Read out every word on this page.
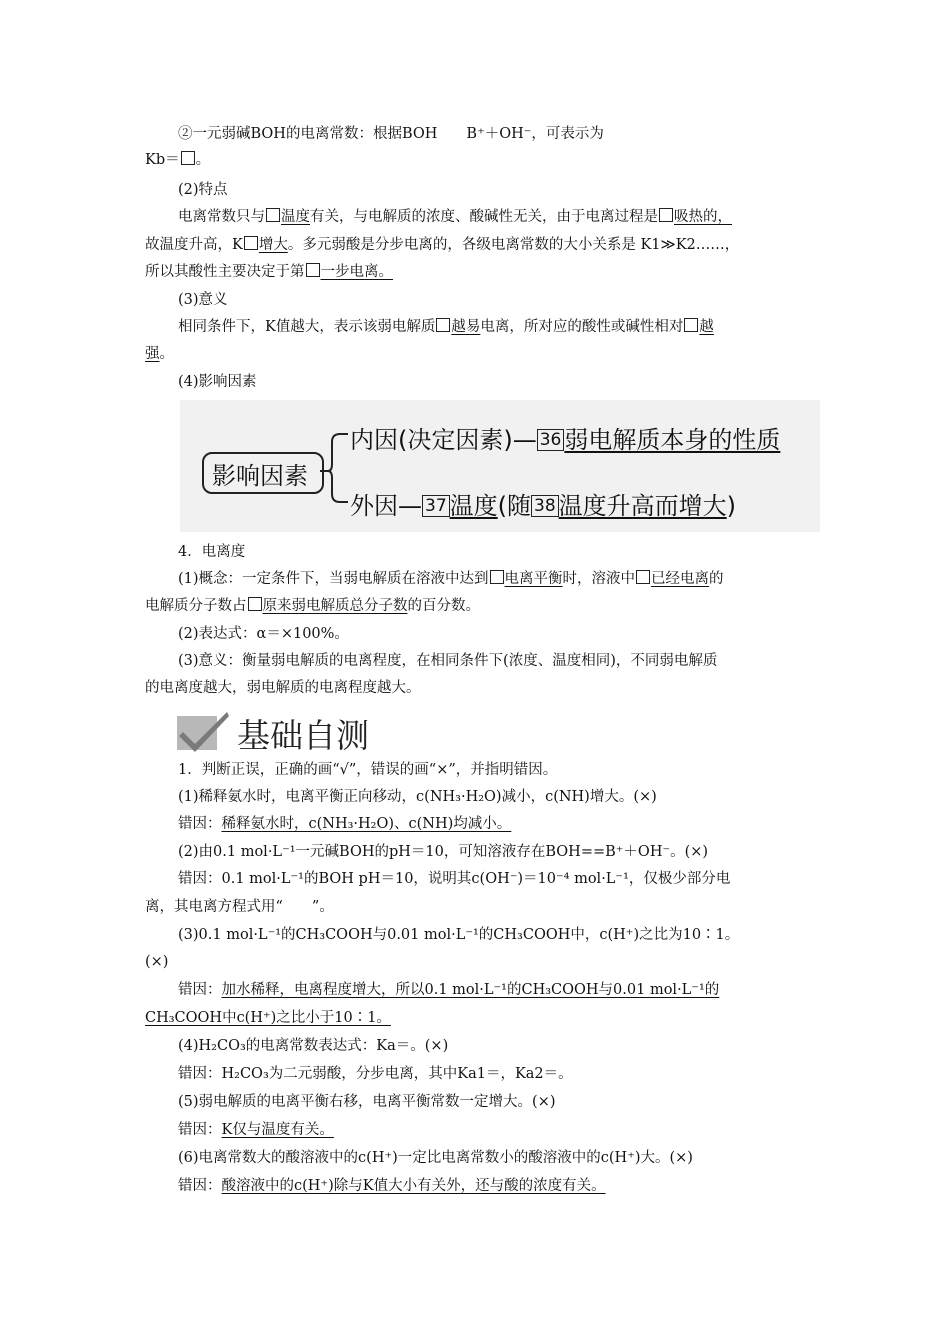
②一元弱碱BOH的电离常数：根据BOH　　B⁺＋OH⁻，可表示为
Kb＝ 。
(2)特点
电离常数只与 温度有关，与电解质的浓度、酸碱性无关，由于电离过程是 吸热的，
故温度升高，K 增大。多元弱酸是分步电离的，各级电离常数的大小关系是 K1≫K2……，
所以其酸性主要决定于第 一步电离。
(3)意义
相同条件下，K值越大，表示该弱电解质 越易电离，所对应的酸性或碱性相对 越
强。
(4)影响因素
影响因素
内因(决定因素)— 36 弱电解质本身的性质
外因— 37 温度(随 38 温度升高而增大)
4．电离度
(1)概念：一定条件下，当弱电解质在溶液中达到 电离平衡时，溶液中 已经电离的
电解质分子数占 原来弱电解质总分子数的百分数。
(2)表达式：α＝×100%。
(3)意义：衡量弱电解质的电离程度，在相同条件下(浓度、温度相同)，不同弱电解质
的电离度越大，弱电解质的电离程度越大。
基础自测
1．判断正误，正确的画“√”，错误的画“×”，并指明错因。
(1)稀释氨水时，电离平衡正向移动，c(NH₃·H₂O)减小，c(NH)增大。(×)
错因：稀释氨水时，c(NH₃·H₂O)、c(NH)均减小。
(2)由0.1 mol·L⁻¹一元碱BOH的pH＝10，可知溶液存在BOH==B⁺＋OH⁻。(×)
错因：0.1 mol·L⁻¹的BOH pH＝10，说明其c(OH⁻)＝10⁻⁴ mol·L⁻¹，仅极少部分电
离，其电离方程式用“　　”。
(3)0.1 mol·L⁻¹的CH₃COOH与0.01 mol·L⁻¹的CH₃COOH中，c(H⁺)之比为10∶1。
(×)
错因：加水稀释，电离程度增大，所以0.1 mol·L⁻¹的CH₃COOH与0.01 mol·L⁻¹的
CH₃COOH中c(H⁺)之比小于10∶1。
(4)H₂CO₃的电离常数表达式：Ka＝。(×)
错因：H₂CO₃为二元弱酸，分步电离，其中Ka1＝，Ka2＝。
(5)弱电解质的电离平衡右移，电离平衡常数一定增大。(×)
错因：K仅与温度有关。
(6)电离常数大的酸溶液中的c(H⁺)一定比电离常数小的酸溶液中的c(H⁺)大。(×)
错因：酸溶液中的c(H⁺)除与K值大小有关外，还与酸的浓度有关。
